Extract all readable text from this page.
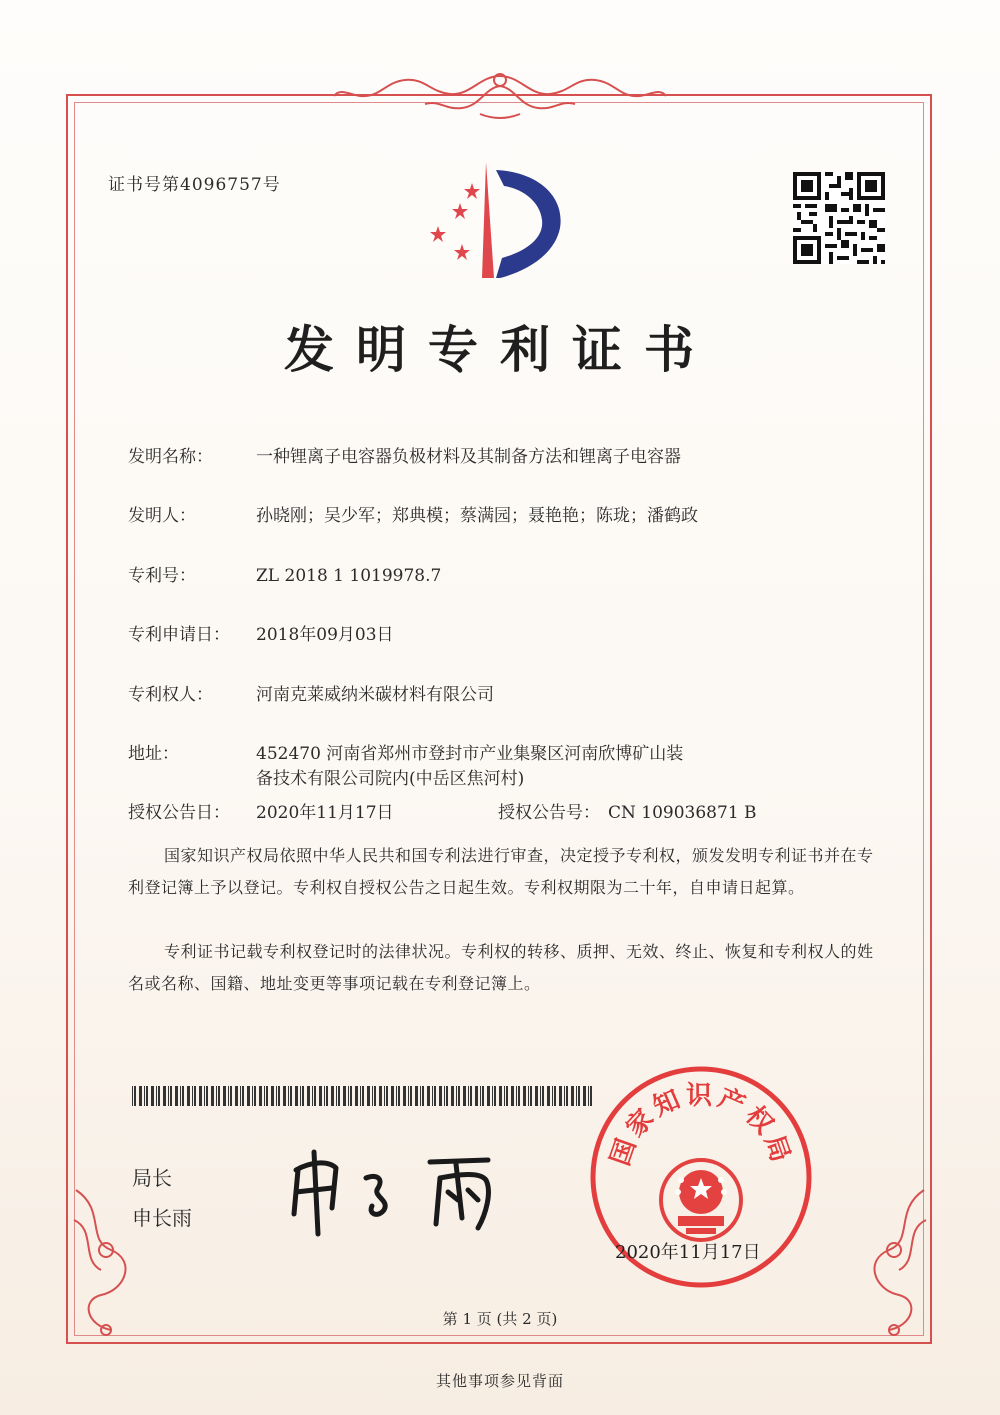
证书号第4096757号
发明专利证书
发明名称：	一种锂离子电容器负极材料及其制备方法和锂离子电容器
发明人：	孙晓刚；吴少军；郑典模；蔡满园；聂艳艳；陈珑；潘鹤政
专利号：	ZL 2018 1 1019978.7
专利申请日： 2018年09月03日
专利权人：	河南克莱威纳米碳材料有限公司
地址：	452470 河南省郑州市登封市产业集聚区河南欣博矿山装
备技术有限公司院内(中岳区焦河村)
授权公告日： 2020年11月17日	授权公告号： CN 109036871 B
国家知识产权局依照中华人民共和国专利法进行审查，决定授予专利权，颁发发明专利证书并在专利登记簿上予以登记。专利权自授权公告之日起生效。专利权期限为二十年，自申请日起算。
专利证书记载专利权登记时的法律状况。专利权的转移、质押、无效、终止、恢复和专利权人的姓名或名称、国籍、地址变更等事项记载在专利登记簿上。
局长
申长雨
国家知识产权局
2020年11月17日
第 1 页 (共 2 页)
其他事项参见背面
